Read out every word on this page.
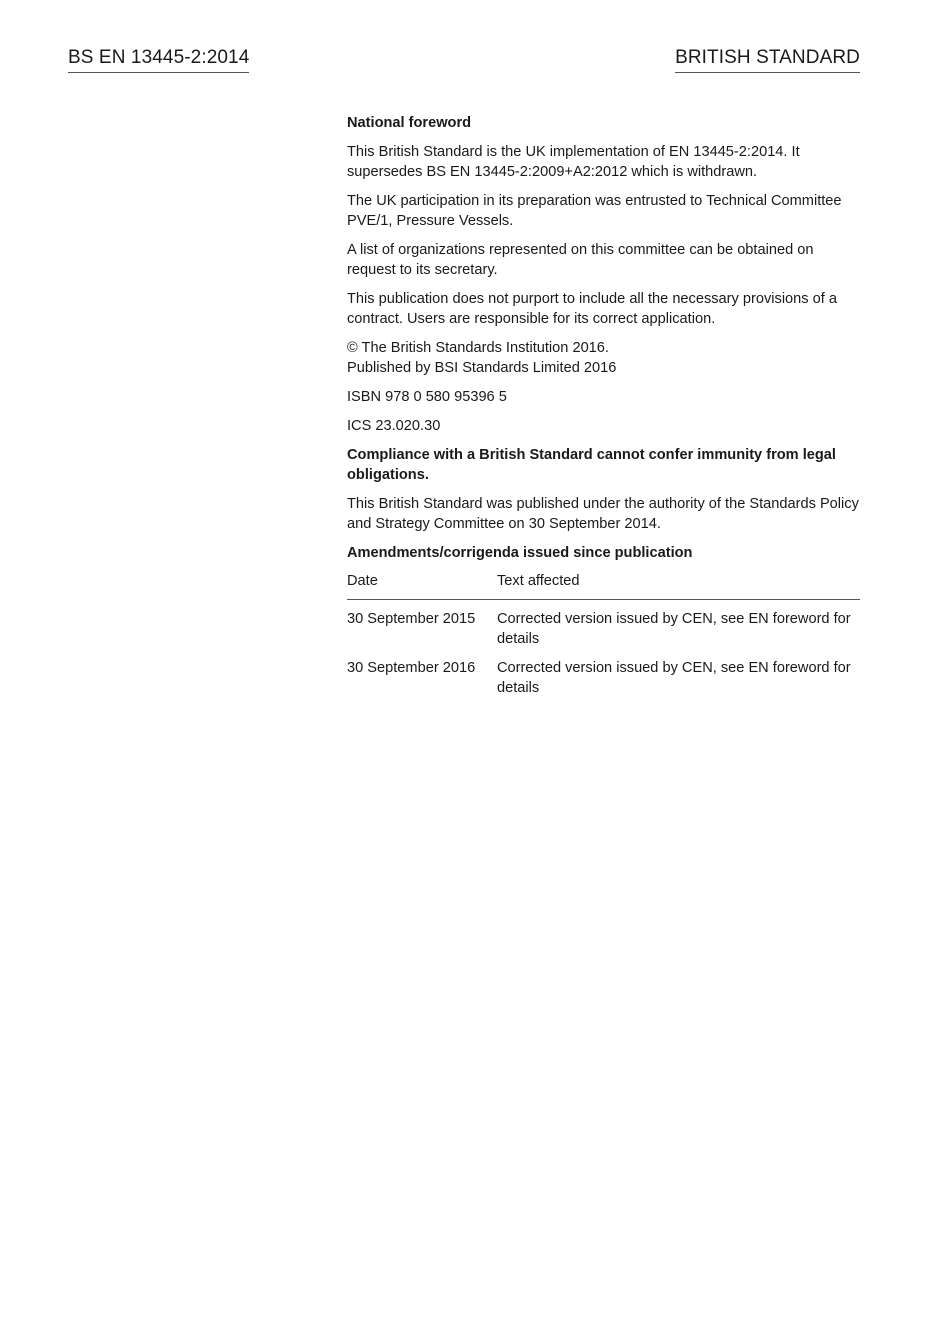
BS EN 13445-2:2014	BRITISH STANDARD

National foreword

This British Standard is the UK implementation of EN 13445-2:2014. It supersedes BS EN 13445-2:2009+A2:2012 which is withdrawn.

The UK participation in its preparation was entrusted to Technical Committee PVE/1, Pressure Vessels.

A list of organizations represented on this committee can be obtained on request to its secretary.

This publication does not purport to include all the necessary provisions of a contract. Users are responsible for its correct application.

© The British Standards Institution 2016.
Published by BSI Standards Limited 2016

ISBN 978 0 580 95396 5

ICS 23.020.30

Compliance with a British Standard cannot confer immunity from legal obligations.

This British Standard was published under the authority of the Standards Policy and Strategy Committee on 30 September 2014.

Amendments/corrigenda issued since publication

Date	Text affected
30 September 2015	Corrected version issued by CEN, see EN foreword for details
30 September 2016	Corrected version issued by CEN, see EN foreword for details
